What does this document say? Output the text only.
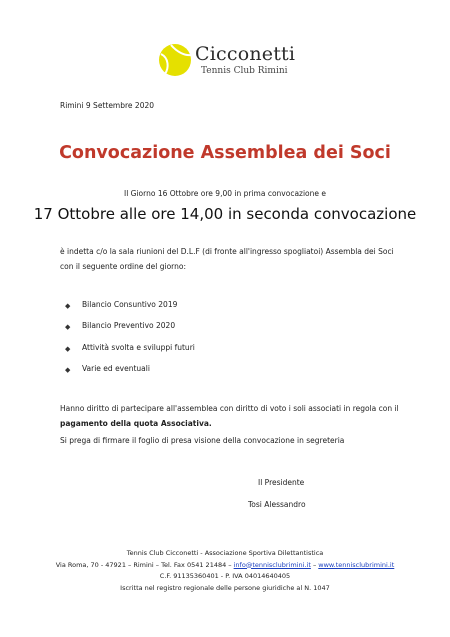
Cicconetti
Tennis Club Rimini
Rimini 9 Settembre 2020
Convocazione Assemblea dei Soci
Il Giorno 16 Ottobre ore 9,00 in prima convocazione e
17 Ottobre alle ore 14,00 in seconda convocazione
è indetta c/o la sala riunioni del D.L.F (di fronte all'ingresso spogliatoi) Assembla dei Soci con il seguente ordine del giorno:
◆ Bilancio Consuntivo 2019
◆ Bilancio Preventivo 2020
◆ Attività svolta e sviluppi futuri
◆ Varie ed eventuali
Hanno diritto di partecipare all'assemblea con diritto di voto i soli associati in regola con il pagamento della quota Associativa.
Si prega di firmare il foglio di presa visione della convocazione in segreteria
Il Presidente
Tosi Alessandro
Tennis Club Cicconetti - Associazione Sportiva Dilettantistica
Via Roma, 70 - 47921 – Rimini – Tel. Fax 0541 21484 – info@tennisclubrimini.it – www.tennisclubrimini.it
C.F. 91135360401 - P. IVA 04014640405
Iscritta nel registro regionale delle persone giuridiche al N. 1047
